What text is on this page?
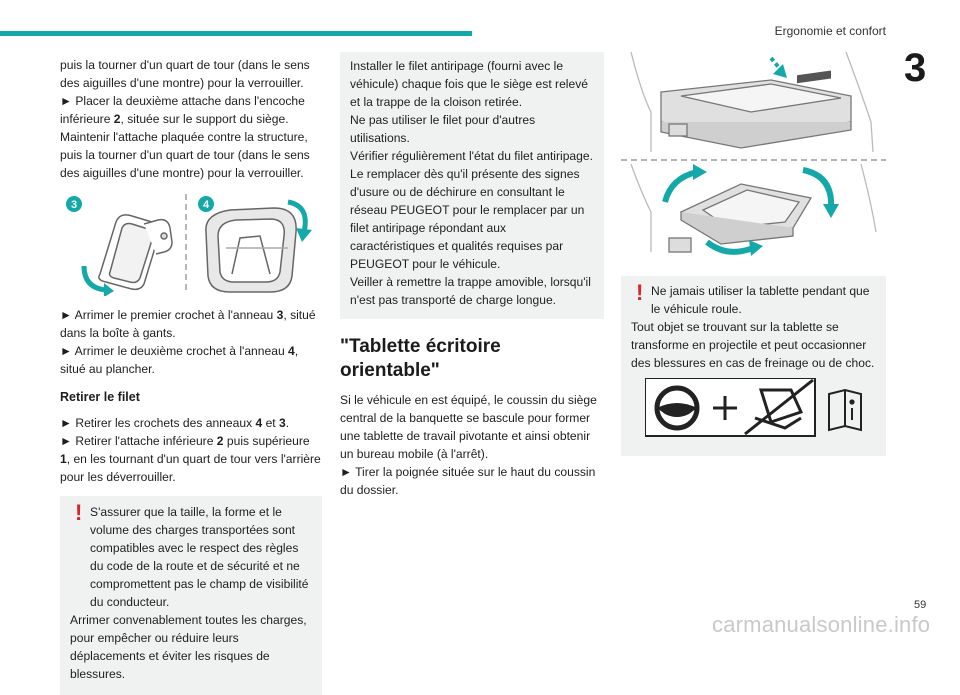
Ergonomie et confort
3

puis la tourner d'un quart de tour (dans le sens des aiguilles d'une montre) pour la verrouiller.

► Placer la deuxième attache dans l'encoche inférieure 2, située sur le support du siège.

Maintenir l'attache plaquée contre la structure, puis la tourner d'un quart de tour (dans le sens des aiguilles d'une montre) pour la verrouiller.

3	4

► Arrimer le premier crochet à l'anneau 3, situé dans la boîte à gants.

► Arrimer le deuxième crochet à l'anneau 4, situé au plancher.

Retirer le filet

► Retirer les crochets des anneaux 4 et 3.

► Retirer l'attache inférieure 2 puis supérieure 1, en les tournant d'un quart de tour vers l'arrière pour les déverrouiller.

! S'assurer que la taille, la forme et le volume des charges transportées sont compatibles avec le respect des règles du code de la route et de sécurité et ne compromettent pas le champ de visibilité du conducteur.

Arrimer convenablement toutes les charges, pour empêcher ou réduire leurs déplacements et éviter les risques de blessures.

Installer le filet antiripage (fourni avec le véhicule) chaque fois que le siège est relevé et la trappe de la cloison retirée.

Ne pas utiliser le filet pour d'autres utilisations.

Vérifier régulièrement l'état du filet antiripage. Le remplacer dès qu'il présente des signes d'usure ou de déchirure en consultant le réseau PEUGEOT pour le remplacer par un filet antiripage répondant aux caractéristiques et qualités requises par PEUGEOT pour le véhicule.

Veiller à remettre la trappe amovible, lorsqu'il n'est pas transporté de charge longue.

"Tablette écritoire orientable"

Si le véhicule en est équipé, le coussin du siège central de la banquette se bascule pour former une tablette de travail pivotante et ainsi obtenir un bureau mobile (à l'arrêt).

► Tirer la poignée située sur le haut du coussin du dossier.

! Ne jamais utiliser la tablette pendant que le véhicule roule.

Tout objet se trouvant sur la tablette se transforme en projectile et peut occasionner des blessures en cas de freinage ou de choc.

59
carmanualsonline.info
